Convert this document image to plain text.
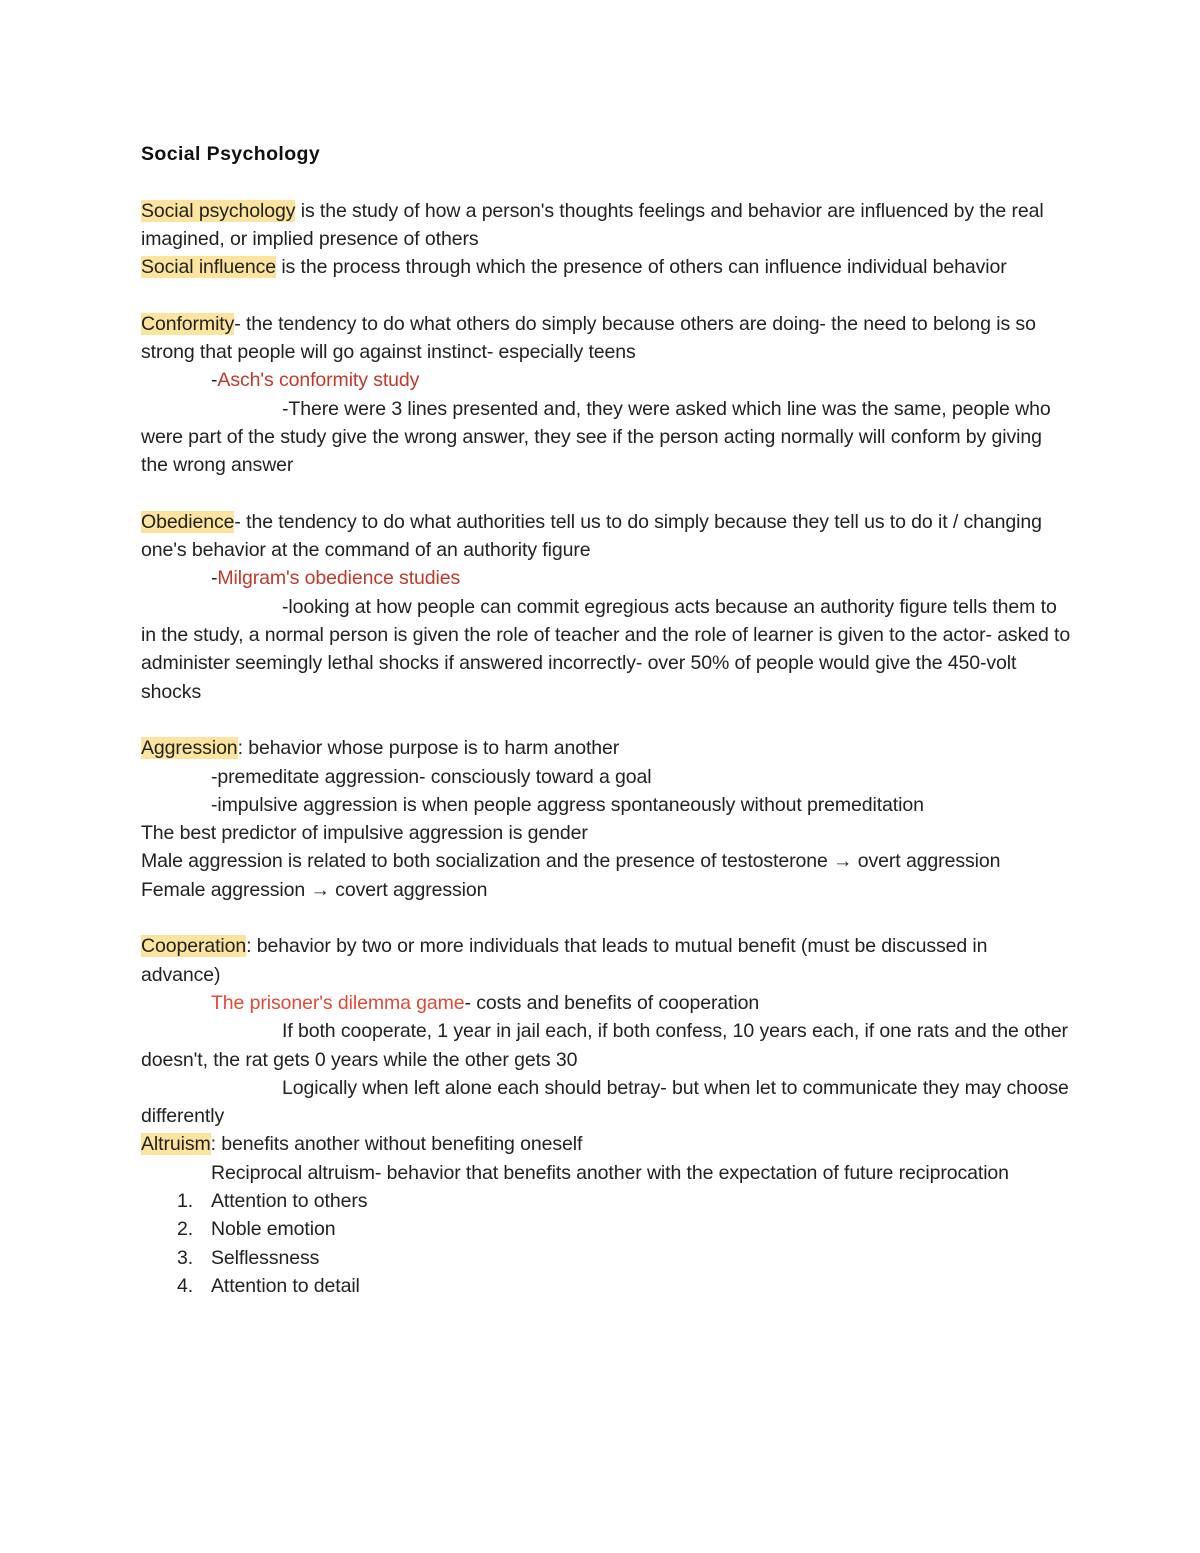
Social Psychology

Social psychology is the study of how a person's thoughts feelings and behavior are influenced by the real imagined, or implied presence of others

Social influence is the process through which the presence of others can influence individual behavior

Conformity- the tendency to do what others do simply because others are doing- the need to belong is so strong that people will go against instinct- especially teens

-Asch's conformity study

-There were 3 lines presented and, they were asked which line was the same, people who were part of the study give the wrong answer, they see if the person acting normally will conform by giving the wrong answer

Obedience- the tendency to do what authorities tell us to do simply because they tell us to do it / changing one's behavior at the command of an authority figure

-Milgram's obedience studies

-looking at how people can commit egregious acts because an authority figure tells them to in the study, a normal person is given the role of teacher and the role of learner is given to the actor- asked to administer seemingly lethal shocks if answered incorrectly- over 50% of people would give the 450-volt shocks

Aggression: behavior whose purpose is to harm another

-premeditate aggression- consciously toward a goal

-impulsive aggression is when people aggress spontaneously without premeditation

The best predictor of impulsive aggression is gender

Male aggression is related to both socialization and the presence of testosterone → overt aggression

Female aggression → covert aggression

Cooperation: behavior by two or more individuals that leads to mutual benefit (must be discussed in advance)

The prisoner's dilemma game- costs and benefits of cooperation

If both cooperate, 1 year in jail each, if both confess, 10 years each, if one rats and the other doesn't, the rat gets 0 years while the other gets 30

Logically when left alone each should betray- but when let to communicate they may choose differently

Altruism: benefits another without benefiting oneself

Reciprocal altruism- behavior that benefits another with the expectation of future reciprocation

1. Attention to others
2. Noble emotion
3. Selflessness
4. Attention to detail
